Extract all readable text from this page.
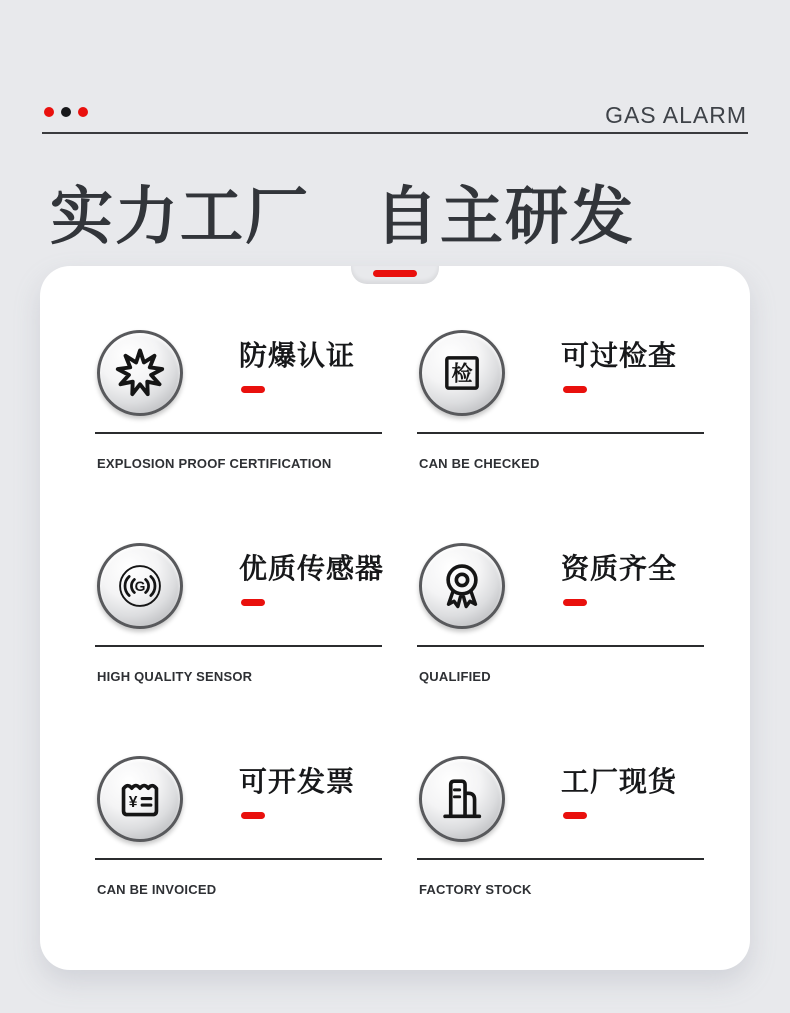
GAS ALARM
实力工厂　自主研发
防爆认证
EXPLOSION PROOF CERTIFICATION
检
可过检查
CAN BE CHECKED
G
优质传感器
HIGH QUALITY SENSOR
资质齐全
QUALIFIED
¥
可开发票
CAN BE INVOICED
工厂现货
FACTORY STOCK
